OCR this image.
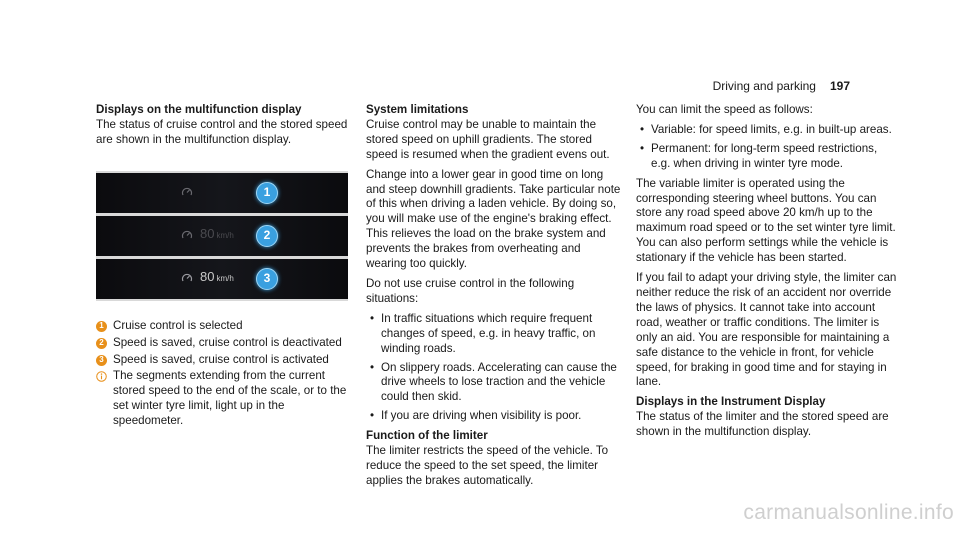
Driving and parking 197
Displays on the multifunction display

The status of cruise control and the stored speed are shown in the multifunction display.

1
80 km/h	2
80 km/h	3
1 Cruise control is selected
2 Speed is saved, cruise control is deactivated
3 Speed is saved, cruise control is activated
The segments extending from the current stored speed to the end of the scale, or to the set winter tyre limit, light up in the speedometer.
System limitations

Cruise control may be unable to maintain the stored speed on uphill gradients. The stored speed is resumed when the gradient evens out.

Change into a lower gear in good time on long and steep downhill gradients. Take particular note of this when driving a laden vehicle. By doing so, you will make use of the engine's braking effect. This relieves the load on the brake system and prevents the brakes from overheating and wearing too quickly.

Do not use cruise control in the following situations:

• In traffic situations which require frequent changes of speed, e.g. in heavy traffic, on winding roads.
• On slippery roads. Accelerating can cause the drive wheels to lose traction and the vehicle could then skid.
• If you are driving when visibility is poor.
Function of the limiter

The limiter restricts the speed of the vehicle. To reduce the speed to the set speed, the limiter applies the brakes automatically.

You can limit the speed as follows:

• Variable: for speed limits, e.g. in built-up areas.
• Permanent: for long-term speed restrictions, e.g. when driving in winter tyre mode.

The variable limiter is operated using the corresponding steering wheel buttons. You can store any road speed above 20 km/h up to the maximum road speed or to the set winter tyre limit. You can also perform settings while the vehicle is stationary if the vehicle has been started.

If you fail to adapt your driving style, the limiter can neither reduce the risk of an accident nor override the laws of physics. It cannot take into account road, weather or traffic conditions. The limiter is only an aid. You are responsible for maintaining a safe distance to the vehicle in front, for vehicle speed, for braking in good time and for staying in lane.

Displays in the Instrument Display

The status of the limiter and the stored speed are shown in the multifunction display.

carmanualsonline.info
